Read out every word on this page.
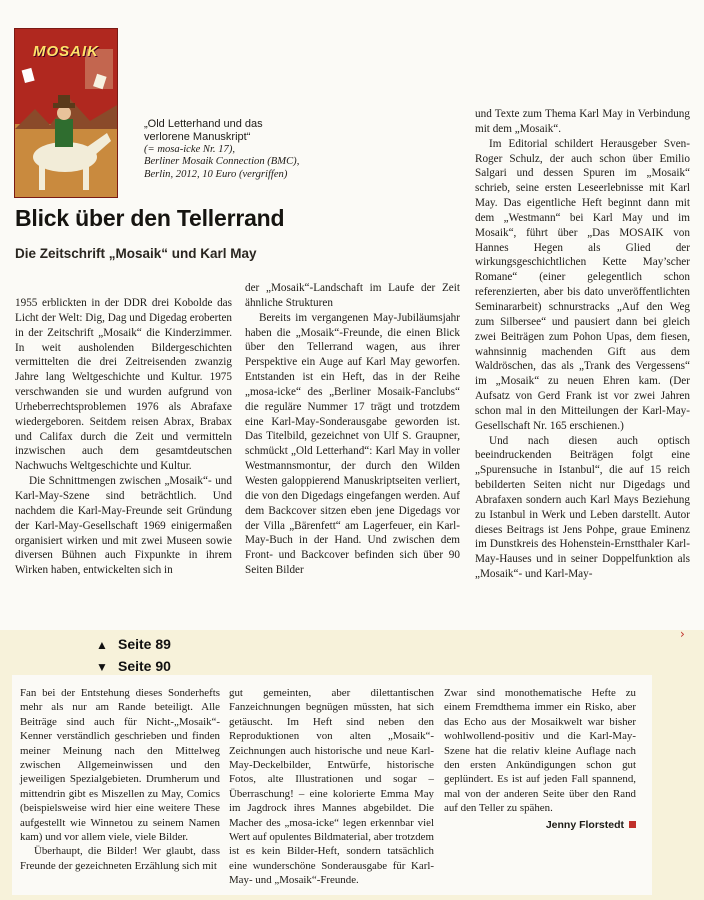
MOSAIK
„Old Letterhand und das
verlorene Manuskript“
(= mosa-icke Nr. 17),
Berliner Mosaik Connection (BMC),
Berlin, 2012, 10 Euro (vergriffen)
Blick über den Tellerrand
Die Zeitschrift „Mosaik“ und Karl May

1955 erblickten in der DDR drei Kobolde das Licht der Welt: Dig, Dag und Digedag eroberten in der Zeitschrift „Mosaik“ die Kinderzimmer. In weit ausholenden Bildergeschichten vermittelten die drei Zeitreisenden zwanzig Jahre lang Weltgeschichte und Kultur. 1975 verschwanden sie und wurden aufgrund von Urheberrechtsproblemen 1976 als Abrafaxe wiedergeboren. Seitdem reisen Abrax, Brabax und Califax durch die Zeit und vermitteln inzwischen auch dem gesamtdeutschen Nachwuchs Weltgeschichte und Kultur.

Die Schnittmengen zwischen „Mosaik“- und Karl-May-Szene sind beträchtlich. Und nachdem die Karl-May-Freunde seit Gründung der Karl-May-Gesellschaft 1969 einigermaßen organisiert wirken und mit zwei Museen sowie diversen Bühnen auch Fixpunkte in ihrem Wirken haben, entwickelten sich in

der „Mosaik“-Landschaft im Laufe der Zeit ähnliche Strukturen

Bereits im vergangenen May-Jubiläumsjahr haben die „Mosaik“-Freunde, die einen Blick über den Tellerrand wagen, aus ihrer Perspektive ein Auge auf Karl May geworfen. Entstanden ist ein Heft, das in der Reihe „mosa-icke“ des „Berliner Mosaik-Fanclubs“ die reguläre Nummer 17 trägt und trotzdem eine Karl-May-Sonderausgabe geworden ist. Das Titelbild, gezeichnet von Ulf S. Graupner, schmückt „Old Letterhand“: Karl May in voller Westmannsmontur, der durch den Wilden Westen galoppierend Manuskriptseiten verliert, die von den Digedags eingefangen werden. Auf dem Backcover sitzen eben jene Digedags vor der Villa „Bärenfett“ am Lagerfeuer, ein Karl-May-Buch in der Hand. Und zwischen dem Front- und Backcover befinden sich über 90 Seiten Bilder

und Texte zum Thema Karl May in Verbindung mit dem „Mosaik“.

Im Editorial schildert Herausgeber Sven-Roger Schulz, der auch schon über Emilio Salgari und dessen Spuren im „Mosaik“ schrieb, seine ersten Leseerlebnisse mit Karl May. Das eigentliche Heft beginnt dann mit dem „Westmann“ bei Karl May und im Mosaik“, führt über „Das MOSAIK von Hannes Hegen als Glied der wirkungsgeschichtlichen Kette May’scher Romane“ (einer gelegentlich schon referenzierten, aber bis dato unveröffentlichten Seminararbeit) schnurstracks „Auf den Weg zum Silbersee“ und pausiert dann bei gleich zwei Beiträgen zum Pohon Upas, dem fiesen, wahnsinnig machenden Gift aus dem Waldröschen, das als „Trank des Vergessens“ im „Mosaik“ zu neuen Ehren kam. (Der Aufsatz von Gerd Frank ist vor zwei Jahren schon mal in den Mitteilungen der Karl-May-Gesellschaft Nr. 165 erschienen.)

Und nach diesen auch optisch beeindruckenden Beiträgen folgt eine „Spurensuche in Istanbul“, die auf 15 reich bebilderten Seiten nicht nur Digedags und Abrafaxen sondern auch Karl Mays Beziehung zu Istanbul in Werk und Leben darstellt. Autor dieses Beitrags ist Jens Pohpe, graue Eminenz im Dunstkreis des Hohenstein-Ernstthaler Karl-May-Hauses und in seiner Doppelfunktion als „Mosaik“- und Karl-May-

›
▲ Seite 89
▼ Seite 90

Fan bei der Entstehung dieses Sonderhefts mehr als nur am Rande beteiligt. Alle Beiträge sind auch für Nicht-„Mosaik“-Kenner verständlich geschrieben und finden meiner Meinung nach den Mittelweg zwischen Allgemeinwissen und den jeweiligen Spezialgebieten. Drumherum und mittendrin gibt es Miszellen zu May, Comics (beispielsweise wird hier eine weitere These aufgestellt wie Winnetou zu seinem Namen kam) und vor allem viele, viele Bilder.

Überhaupt, die Bilder! Wer glaubt, dass Freunde der gezeichneten Erzählung sich mit

gut gemeinten, aber dilettantischen Fanzeichnungen begnügen müssten, hat sich getäuscht. Im Heft sind neben den Reproduktionen von alten „Mosaik“-Zeichnungen auch historische und neue Karl-May-Deckelbilder, Entwürfe, historische Fotos, alte Illustrationen und sogar – Überraschung! – eine kolorierte Emma May im Jagdrock ihres Mannes abgebildet. Die Macher des „mosa-icke“ legen erkennbar viel Wert auf opulentes Bildmaterial, aber trotzdem ist es kein Bilder-Heft, sondern tatsächlich eine wunderschöne Sonderausgabe für Karl-May- und „Mosaik“-Freunde.

Zwar sind monothematische Hefte zu einem Fremdthema immer ein Risko, aber das Echo aus der Mosaikwelt war bisher wohlwollend-positiv und die Karl-May-Szene hat die relativ kleine Auflage nach den ersten Ankündigungen schon gut geplündert. Es ist auf jeden Fall spannend, mal von der anderen Seite über den Rand auf den Teller zu spähen.

Jenny Florstedt
